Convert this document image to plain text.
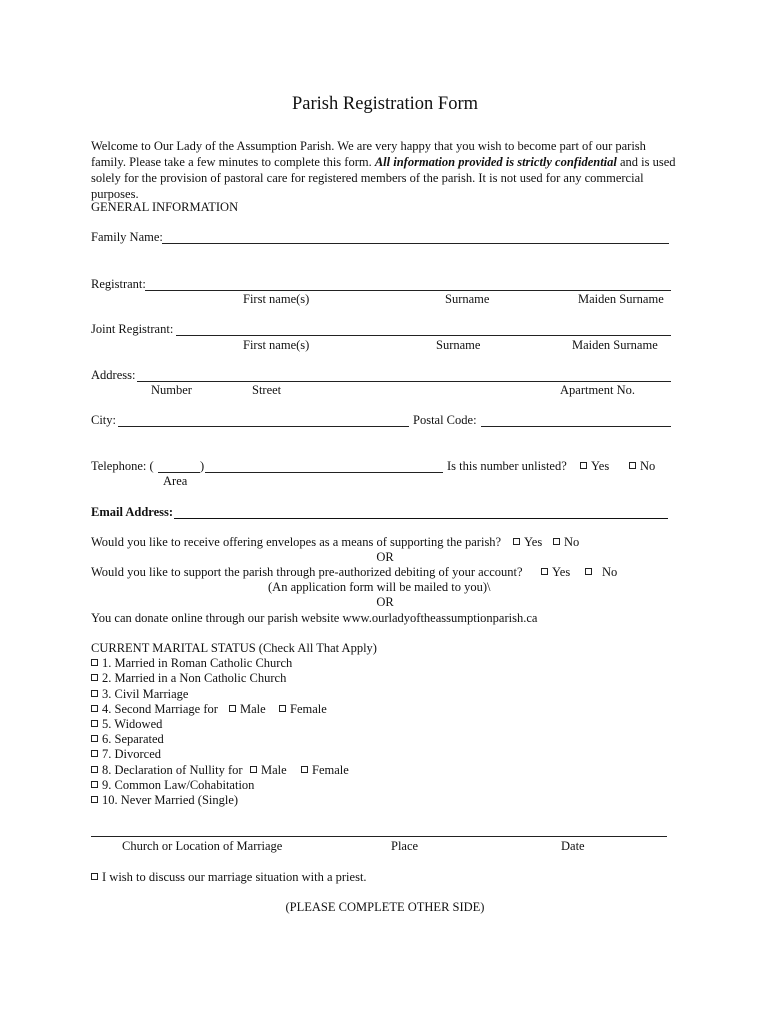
Parish Registration Form
Welcome to Our Lady of the Assumption Parish. We are very happy that you wish to become part of our parish family. Please take a few minutes to complete this form. All information provided is strictly confidential and is used solely for the provision of pastoral care for registered members of the parish. It is not used for any commercial purposes.
GENERAL INFORMATION
Family Name:
Registrant:
First name(s)	Surname	Maiden Surname
Joint Registrant:
First name(s)	Surname	Maiden Surname
Address:
Number	Street	Apartment No.
City:	Postal Code:
Telephone: (	)
Area
Is this number unlisted?	Yes	No
Email Address:
Would you like to receive offering envelopes as a means of supporting the parish?	Yes	No
OR
Would you like to support the parish through pre-authorized debiting of your account?	Yes	No
(An application form will be mailed to you)\
OR
You can donate online through our parish website www.ourladyoftheassumptionparish.ca
CURRENT MARITAL STATUS (Check All That Apply)
1. Married in Roman Catholic Church
2. Married in a Non Catholic Church
3. Civil Marriage
4. Second Marriage for	Male	Female
5. Widowed
6. Separated
7. Divorced
8. Declaration of Nullity for	Male	Female
9. Common Law/Cohabitation
10. Never Married (Single)
Church or Location of Marriage	Place	Date
I wish to discuss our marriage situation with a priest.
(PLEASE COMPLETE OTHER SIDE)
